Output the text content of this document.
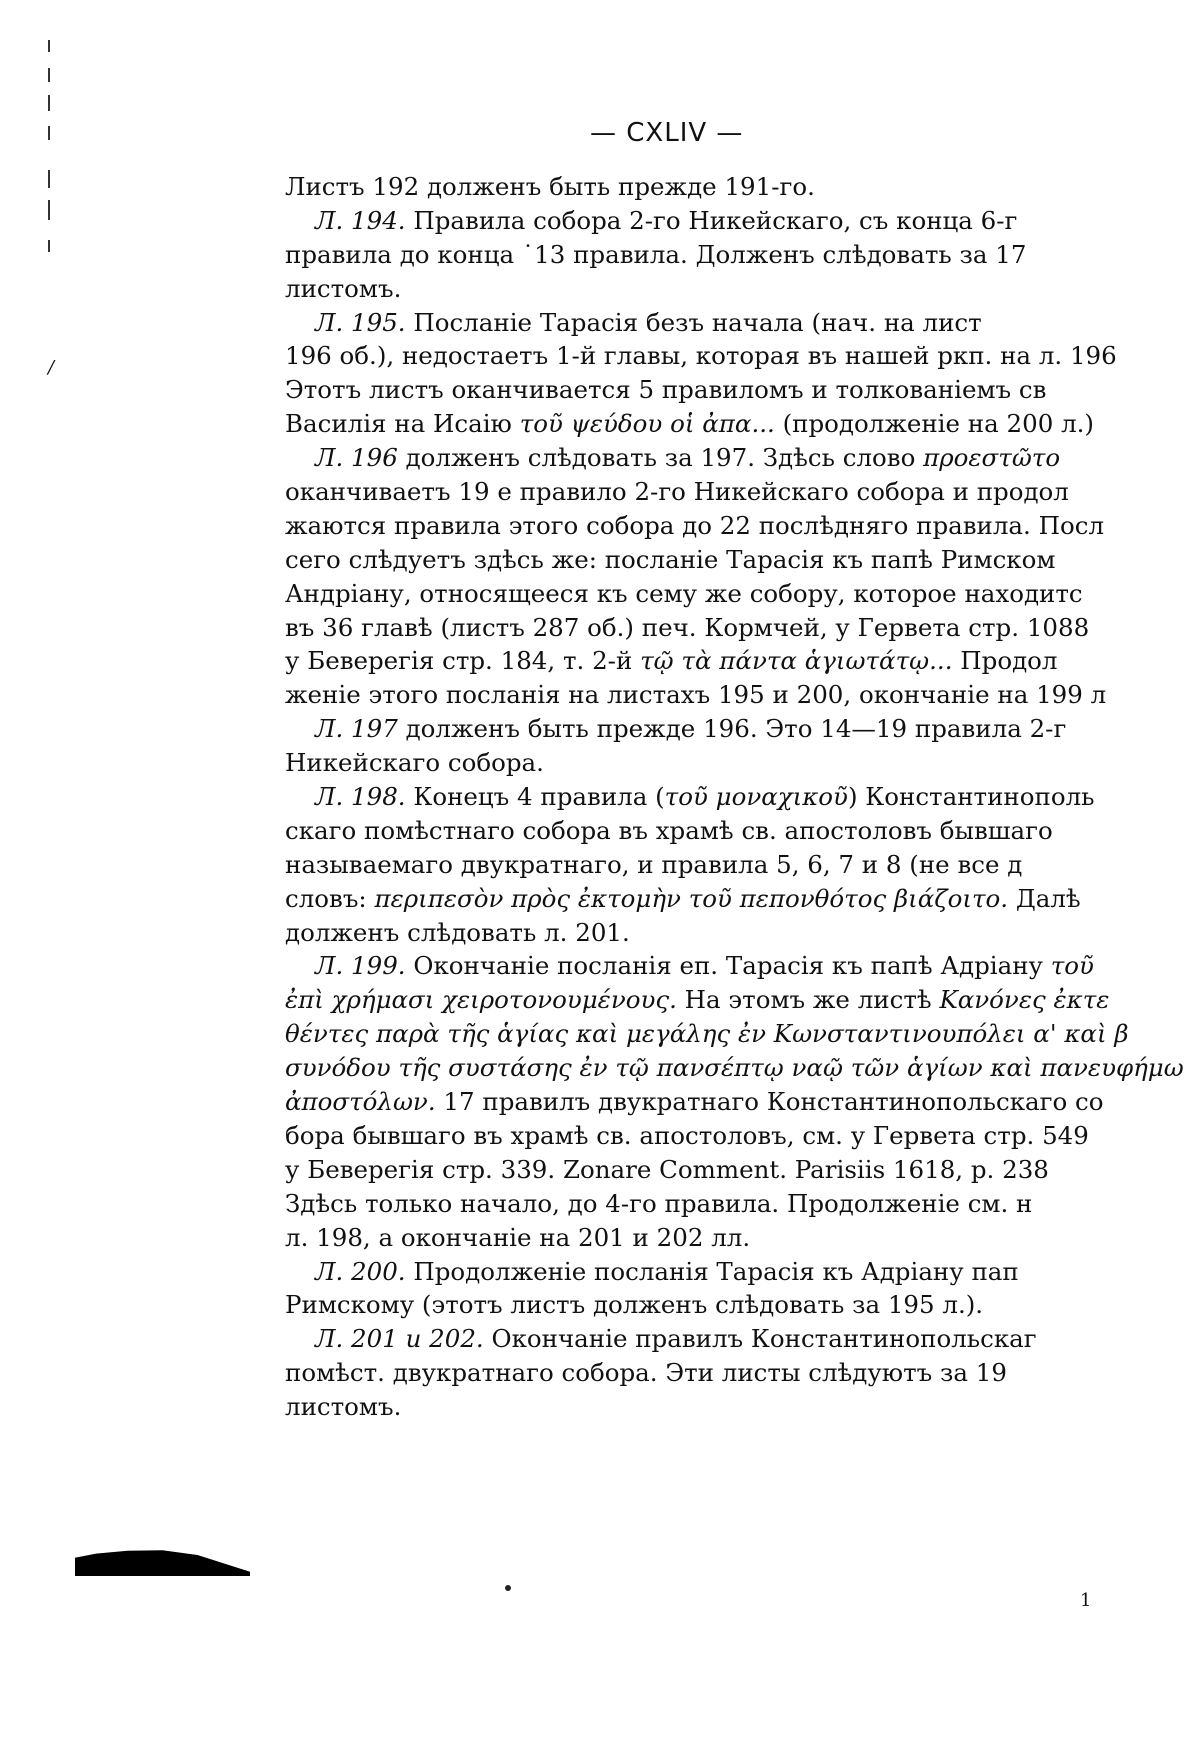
/
— CXLIV —
Листъ 192 долженъ быть прежде 191-го.
Л. 194. Правила собора 2-го Никейскаго, съ конца 6-г
правила до конца ˙13 правила. Долженъ слѣдовать за 17
листомъ.
Л. 195. Посланіе Тарасія безъ начала (нач. на лист
196 об.), недостаетъ 1-й главы, которая въ нашей ркп. на л. 196
Этотъ листъ оканчивается 5 правиломъ и толкованіемъ св
Василія на Исаію τοῦ ψεύδου οἱ ἀπα... (продолженіе на 200 л.)
Л. 196 долженъ слѣдовать за 197. Здѣсь слово προεστῶτο
оканчиваетъ 19 е правило 2-го Никейскаго собора и продол
жаются правила этого собора до 22 послѣдняго правила. Посл
сего слѣдуетъ здѣсь же: посланіе Тарасія къ папѣ Римском
Андріану, относящееся къ сему же собору, которое находитс
въ 36 главѣ (листъ 287 об.) печ. Кормчей, у Гервета стр. 1088
у Беверегія стр. 184, т. 2-й τῷ τὰ πάντα ἁγιωτάτῳ... Продол
женіе этого посланія на листахъ 195 и 200, окончаніе на 199 л
Л. 197 долженъ быть прежде 196. Это 14—19 правила 2-г
Никейскаго собора.
Л. 198. Конецъ 4 правила (τοῦ μοναχικοῦ) Константинополь
скаго помѣстнаго собора въ храмѣ св. апостоловъ бывшаго
называемаго двукратнаго, и правила 5, 6, 7 и 8 (не все д
словъ: περιπεσὸν πρὸς ἐκτομὴν τοῦ πεπονθότος βιάζοιτο. Далѣ
долженъ слѣдовать л. 201.
Л. 199. Окончаніе посланія еп. Тарасія къ папѣ Адріану τοῦ
ἐπὶ χρήμασι χειροτονουμένους. На этомъ же листѣ Κανόνες ἐκτε
θέντες παρὰ τῆς ἁγίας καὶ μεγάλης ἐν Κωνσταντινουπόλει α' καὶ β
συνόδου τῆς συστάσης ἐν τῷ πανσέπτῳ ναῷ τῶν ἁγίων καὶ πανευφήμω
ἀποστόλων. 17 правилъ двукратнаго Константинопольскаго со
бора бывшаго въ храмѣ св. апостоловъ, см. у Гервета стр. 549
у Беверегія стр. 339. Zonare Comment. Parisiis 1618, p. 238
Здѣсь только начало, до 4-го правила. Продолженіе см. н
л. 198, а окончаніе на 201 и 202 лл.
Л. 200. Продолженіе посланія Тарасія къ Адріану пап
Римскому (этотъ листъ долженъ слѣдовать за 195 л.).
Л. 201 и 202. Окончаніе правилъ Константинопольскаг
помѣст. двукратнаго собора. Эти листы слѣдуютъ за 19
листомъ.
1
